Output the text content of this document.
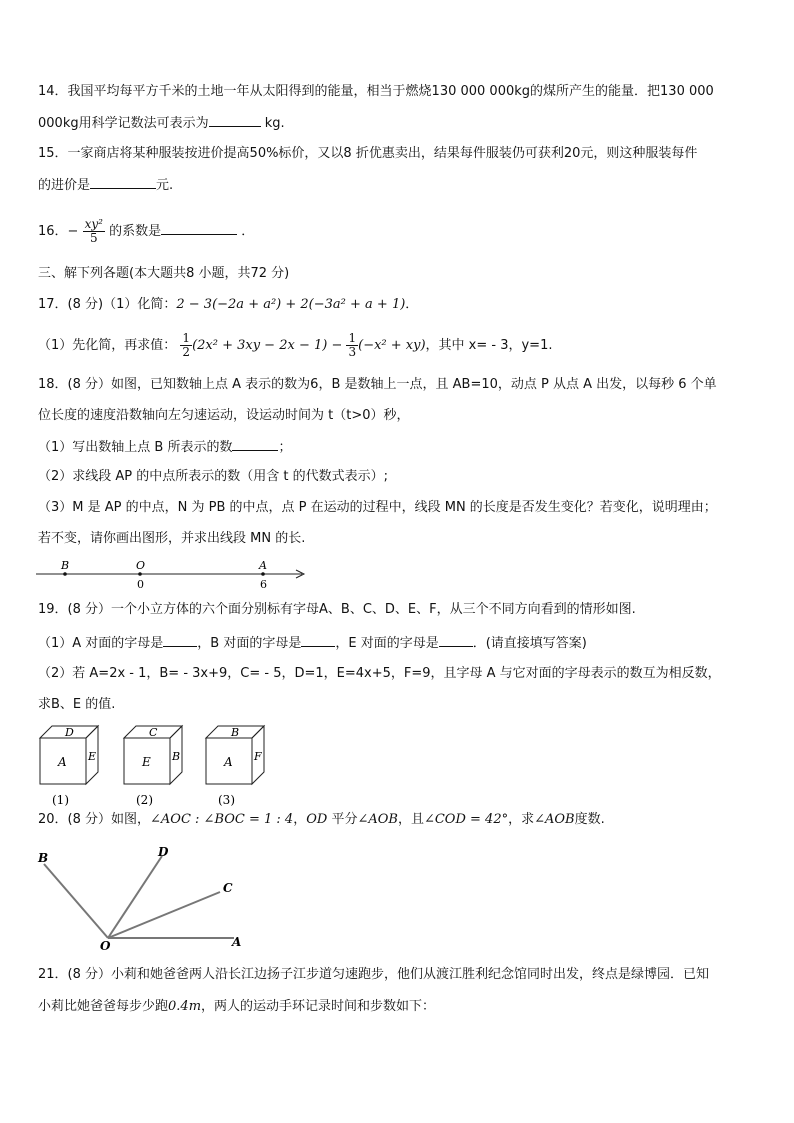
14．我国平均每平方千米的土地一年从太阳得到的能量，相当于燃烧130 000 000kg的煤所产生的能量．把130 000
000kg用科学记数法可表示为	kg.
15．一家商店将某种服装按进价提高50%标价，又以8 折优惠卖出，结果每件服装仍可获利20元，则这种服装每件
的进价是	元.
16．− $\frac{\text{xy²}}{5}$ 的系数是	．
三、解下列各题(本大题共8 小题，共72 分)
17．(8 分)（1）化简：2 − 3(−2a + a²) + 2(−3a² + a + 1)．
（1）先化简，再求值： $\frac{1}{2} (2x^2 + 3xy - 2x - 1) - \frac{1}{3} (-x^2 + xy)$，其中 x= - 3，y=1.
18．(8 分）如图，已知数轴上点 A 表示的数为6，B 是数轴上一点，且 AB=10，动点 P 从点 A 出发，以每秒 6 个单
位长度的速度沿数轴向左匀速运动，设运动时间为 t（t>0）秒，
（1）写出数轴上点 B 所表示的数	；
（2）求线段 AP 的中点所表示的数（用含 t 的代数式表示）;
（3）M 是 AP 的中点，N 为 PB 的中点，点 P 在运动的过程中，线段 MN 的长度是否发生变化？若变化，说明理由；
若不变，请你画出图形，并求出线段 MN 的长.
B	O	A
0	6
19．(8 分）一个小立方体的六个面分别标有字母A、B、C、D、E、F，从三个不同方向看到的情形如图.
（1）A 对面的字母是	，B 对面的字母是	，E 对面的字母是	．(请直接填写答案)
（2）若 A=2x - 1，B= - 3x+9，C= - 5，D=1，E=4x+5，F=9，且字母 A 与它对面的字母表示的数互为相反数，
求B、E 的值.
D
A E
(1)
C
E B
(2)
B
A F
(3)
20．(8 分）如图，∠AOC : ∠BOC = 1 : 4，OD 平分∠AOB，且∠COD = 42°，求∠AOB度数.
B	D
C
O	A
21．(8 分）小莉和她爸爸两人沿长江边扬子江步道匀速跑步，他们从渡江胜利纪念馆同时出发，终点是绿博园．已知
小莉比她爸爸每步少跑0.4m，两人的运动手环记录时间和步数如下：
